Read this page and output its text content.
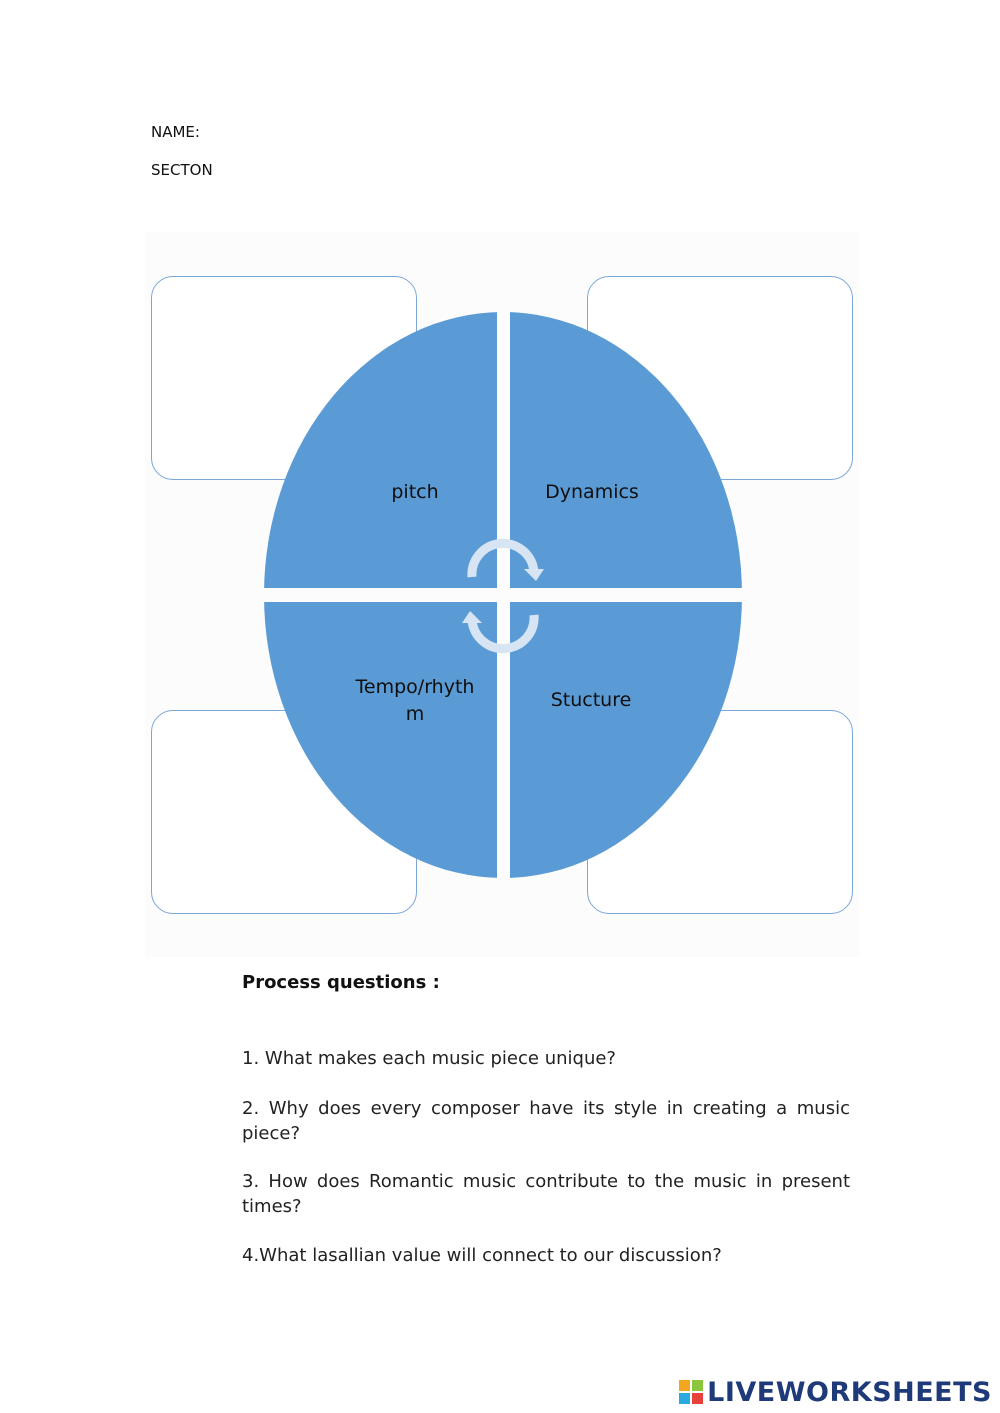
NAME:
SECTON
pitch	Dynamics
Tempo/rhyth
m
Stucture
Process questions :
1. What makes each music piece unique?
2. Why does every composer have its style in creating a music piece?
3. How does Romantic music contribute to the music in present times?
4.What lasallian value will connect to our discussion?
LIVEWORKSHEETS
